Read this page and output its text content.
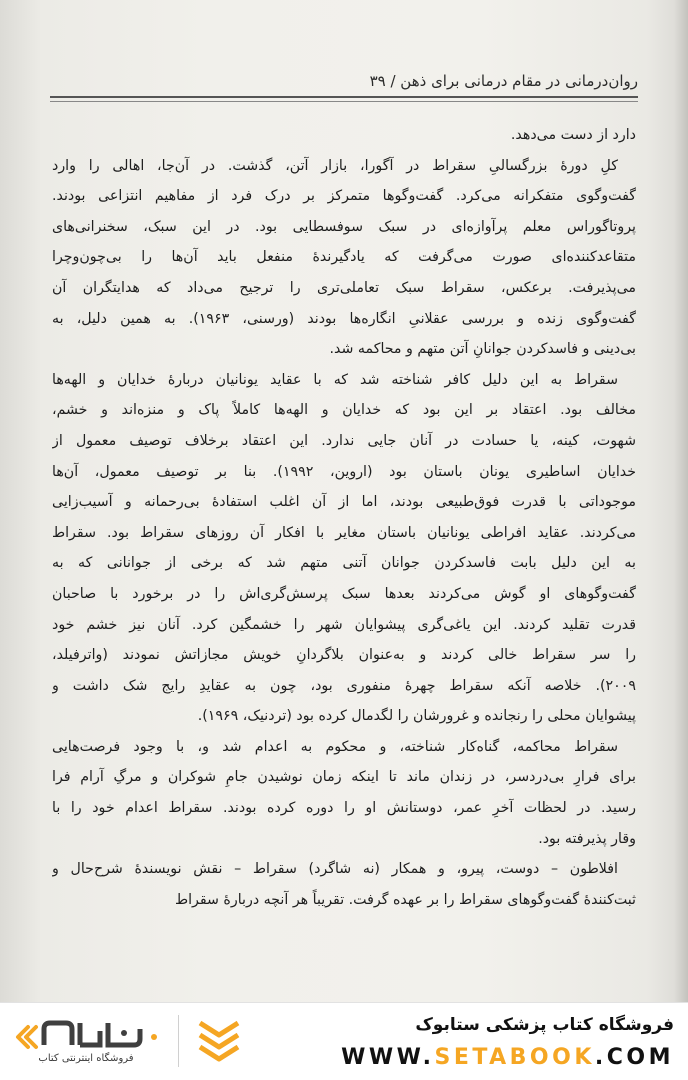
روان‌درمانی در مقام درمانی برای ذهن / ۳۹
دارد از دست می‌دهد.
کلِ دورهٔ بزرگسالیِ سقراط در آگورا، بازار آتن، گذشت. در آن‌جا، اهالی را وارد
گفت‌وگوی متفکرانه می‌کرد. گفت‌وگوها متمرکز بر درک فرد از مفاهیم انتزاعی بودند.
پروتاگوراس معلم پرآوازه‌ای در سبک سوفسطایی بود. در این سبک، سخنرانی‌های
متقاعدکننده‌ای صورت می‌گرفت که یادگیرندهٔ منفعل باید آن‌ها را بی‌چون‌وچرا
می‌پذیرفت. برعکس، سقراط سبک تعاملی‌تری را ترجیح می‌داد که هدایتگران آن
گفت‌وگوی زنده و بررسی عقلانیِ انگاره‌ها بودند (ورسنی، ۱۹۶۳). به همین دلیل، به
بی‌دینی و فاسدکردن جوانانِ آتن متهم و محاکمه شد.
سقراط به این دلیل کافر شناخته شد که با عقاید یونانیان دربارهٔ خدایان و الهه‌ها
مخالف بود. اعتقاد بر این بود که خدایان و الهه‌ها کاملاً پاک و منزه‌اند و خشم،
شهوت، کینه، یا حسادت در آنان جایی ندارد. این اعتقاد برخلاف توصیف معمول از
خدایان اساطیری یونان باستان بود (اروین، ۱۹۹۲). بنا بر توصیف معمول، آن‌ها
موجوداتی با قدرت فوق‌طبیعی بودند، اما از آن اغلب استفادهٔ بی‌رحمانه و آسیب‌زایی
می‌کردند. عقاید افراطی یونانیان باستان مغایر با افکار آن روزهای سقراط بود. سقراط
به این دلیل بابت فاسدکردن جوانان آتنی متهم شد که برخی از جوانانی که به
گفت‌وگوهای او گوش می‌کردند بعدها سبک پرسش‌گری‌اش را در برخورد با صاحبان
قدرت تقلید کردند. این یاغی‌گری پیشوایان شهر را خشمگین کرد. آنان نیز خشم خود
را سر سقراط خالی کردند و به‌عنوان بلاگردانِ خویش مجازاتش نمودند (واترفیلد،
۲۰۰۹). خلاصه آنکه سقراط چهرهٔ منفوری بود، چون به عقایدِ رایج شک داشت و
پیشوایان محلی را رنجانده و غرورشان را لگدمال کرده بود (تردنیک، ۱۹۶۹).
سقراط محاکمه، گناه‌کار شناخته، و محکوم به اعدام شد و، با وجود فرصت‌هایی
برای فرارِ بی‌دردسر، در زندان ماند تا اینکه زمان نوشیدن جامِ شوکران و مرگِ آرام فرا
رسید. در لحظات آخرِ عمر، دوستانش او را دوره کرده بودند. سقراط اعدام خود را با
وقار پذیرفته بود.
افلاطون – دوست، پیرو، و همکار (نه شاگرد) سقراط – نقش نویسندهٔ شرح‌حال و
ثبت‌کنندهٔ گفت‌وگوهای سقراط را بر عهده گرفت. تقریباً هر آنچه دربارهٔ سقراط
فروشگاه اینترنتی کتاب
فروشگاه کتاب پزشکی ستابوک
WWW.SETABOOK.COM
